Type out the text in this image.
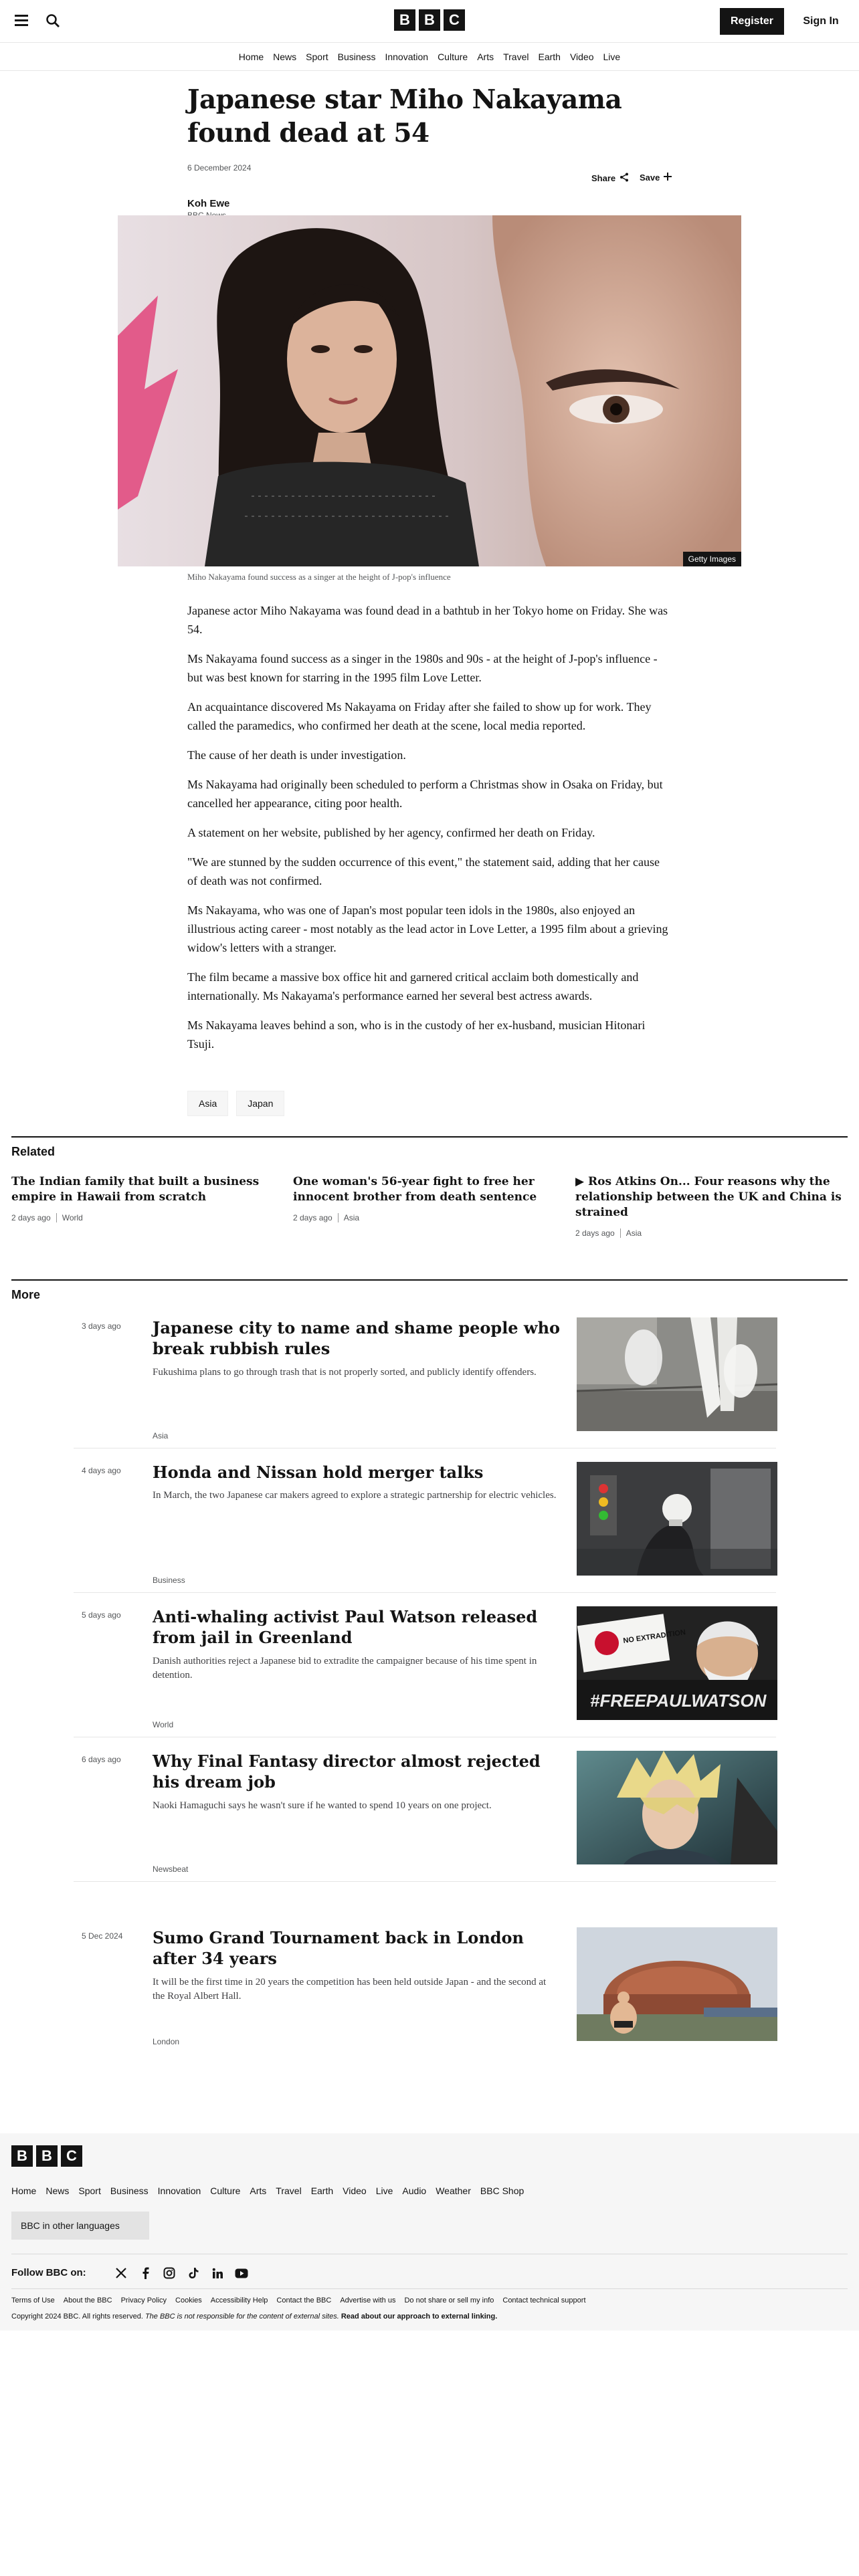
B B C	Register	Sign In
Home	News	Sport	Business	Innovation	Culture	Arts	Travel	Earth	Video	Live
Japanese star Miho Nakayama found dead at 54
6 December 2024
Share	Save
Koh Ewe
Getty Images
Miho Nakayama found success as a singer at the height of J-pop's influence

Japanese actor Miho Nakayama was found dead in a bathtub in her Tokyo home on Friday. She was 54.

Ms Nakayama found success as a singer in the 1980s and 90s - at the height of J-pop's influence - but was best known for starring in the 1995 film Love Letter.

An acquaintance discovered Ms Nakayama on Friday after she failed to show up for work. They called the paramedics, who confirmed her death at the scene, local media reported.

The cause of her death is under investigation.

Ms Nakayama had originally been scheduled to perform a Christmas show in Osaka on Friday, but cancelled her appearance, citing poor health.

A statement on her website, published by her agency, confirmed her death on Friday.

"We are stunned by the sudden occurrence of this event," the statement said, adding that her cause of death was not confirmed.

Ms Nakayama, who was one of Japan's most popular teen idols in the 1980s, also enjoyed an illustrious acting career - most notably as the lead actor in Love Letter, a 1995 film about a grieving widow's letters with a stranger.

The film became a massive box office hit and garnered critical acclaim both domestically and internationally. Ms Nakayama's performance earned her several best actress awards.

Ms Nakayama leaves behind a son, who is in the custody of her ex-husband, musician Hitonari Tsuji.

Asia	Japan
Related
The Indian family that built a business empire in Hawaii from scratch
2 days ago World
One woman's 56-year fight to free her innocent brother from death sentence
2 days ago Asia
▶ Ros Atkins On... Four reasons why the relationship between the UK and China is strained
2 days ago Asia
More
3 days ago Japanese city to name and shame people who break rubbish rules
Fukushima plans to go through trash that is not properly sorted, and publicly identify offenders.
Asia
4 days ago Honda and Nissan hold merger talks
In March, the two Japanese car makers agreed to explore a strategic partnership for electric vehicles.
Business
5 days ago Anti-whaling activist Paul Watson released from jail in Greenland
Danish authorities reject a Japanese bid to extradite the campaigner because of his time spent in detention.
World
NO EXTRADITION
#FREEPAULWATSON
6 days ago Why Final Fantasy director almost rejected his dream job
Naoki Hamaguchi says he wasn't sure if he wanted to spend 10 years on one project.
Newsbeat
5 Dec 2024 Sumo Grand Tournament back in London after 34 years
It will be the first time in 20 years the competition has been held outside Japan - and the second at the Royal Albert Hall.
London
B B C
Home News Sport Business Innovation Culture Arts Travel Earth Video Live Audio Weather BBC Shop
BBC in other languages
Follow BBC on:
Terms of Use About the BBC Privacy Policy Cookies Accessibility Help Contact the BBC Advertise with us Do not share or sell my info Contact technical support
Copyright 2024 BBC. All rights reserved. The BBC is not responsible for the content of external sites. Read about our approach to external linking.
